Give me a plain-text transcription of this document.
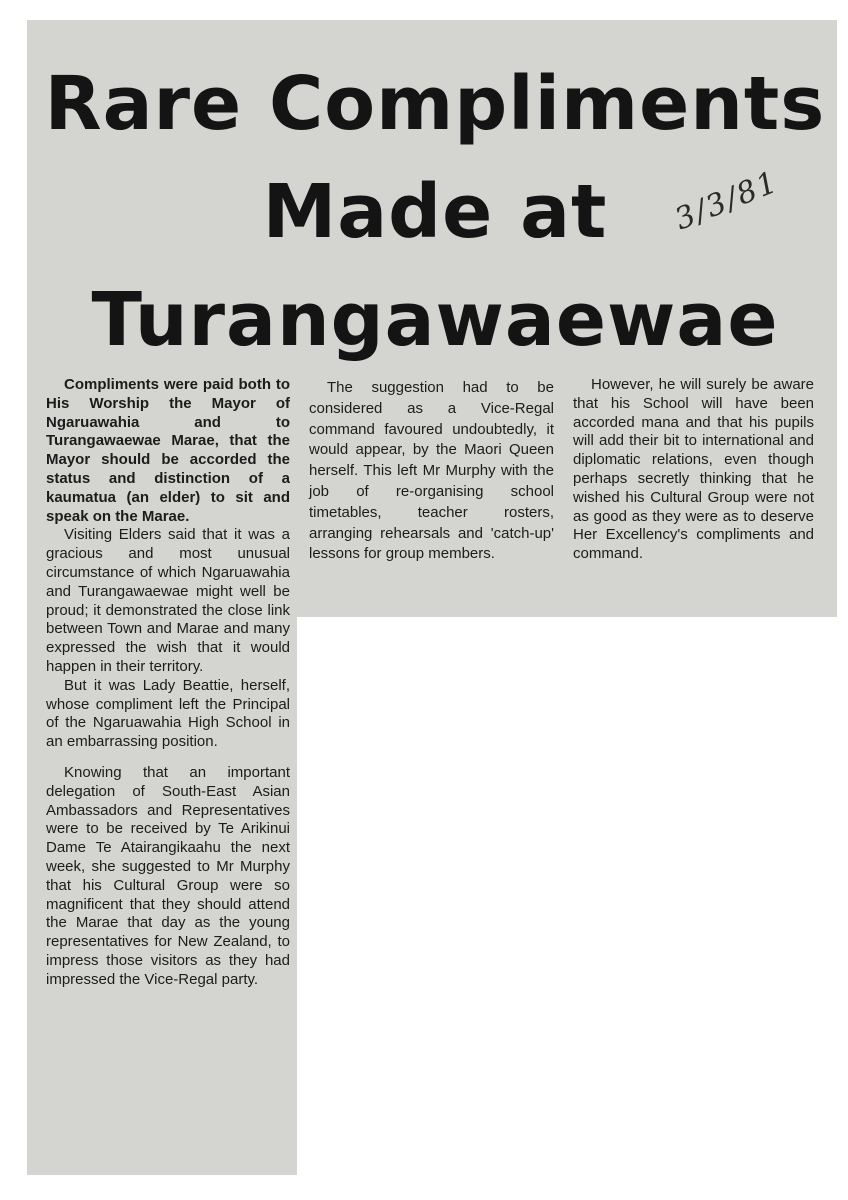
Rare Compliments
Made at
Turangawaewae
3/3/81

Compliments were paid both to His Worship the Mayor of Ngaruawahia and to Turangawaewae Marae, that the Mayor should be accorded the status and distinction of a kaumatua (an elder) to sit and speak on the Marae.

Visiting Elders said that it was a gracious and most unusual circumstance of which Ngaruawahia and Turangawaewae might well be proud; it demonstrated the close link between Town and Marae and many expressed the wish that it would happen in their territory.

But it was Lady Beattie, herself, whose compliment left the Principal of the Ngaruawahia High School in an embarrassing position.

Knowing that an important delegation of South-East Asian Ambassadors and Representatives were to be received by Te Arikinui Dame Te Atairangikaahu the next week, she suggested to Mr Murphy that his Cultural Group were so magnificent that they should attend the Marae that day as the young representatives for New Zealand, to impress those visitors as they had impressed the Vice-Regal party.

The suggestion had to be considered as a Vice-Regal command favoured undoubtedly, it would appear, by the Maori Queen herself. This left Mr Murphy with the job of re-organising school timetables, teacher rosters, arranging rehearsals and 'catch-up' lessons for group members.

However, he will surely be aware that his School will have been accorded mana and that his pupils will add their bit to international and diplomatic relations, even though perhaps secretly thinking that he wished his Cultural Group were not as good as they were as to deserve Her Excellency's compliments and command.
